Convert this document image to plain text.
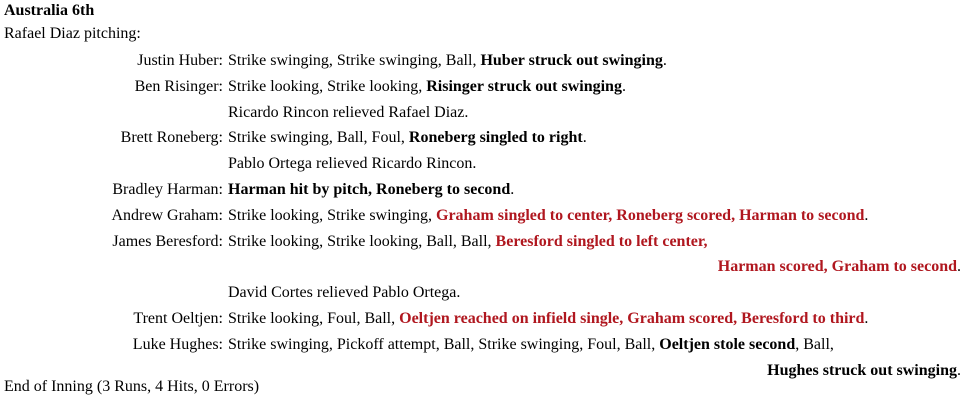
Australia 6th
Rafael Diaz pitching:
Justin Huber:		Strike swinging, Strike swinging, Ball, Huber struck out swinging.
Ben Risinger:		Strike looking, Strike looking, Risinger struck out swinging.
		Ricardo Rincon relieved Rafael Diaz.
Brett Roneberg:		Strike swinging, Ball, Foul, Roneberg singled to right.
		Pablo Ortega relieved Ricardo Rincon.
Bradley Harman:		Harman hit by pitch, Roneberg to second.
Andrew Graham:		Strike looking, Strike swinging, Graham singled to center, Roneberg scored, Harman to second.
James Beresford:		Strike looking, Strike looking, Ball, Ball, Beresford singled to left center,
Harman scored, Graham to second.

		David Cortes relieved Pablo Ortega.
Trent Oeltjen:		Strike looking, Foul, Ball, Oeltjen reached on infield single, Graham scored, Beresford to third.
Luke Hughes:		Strike swinging, Pickoff attempt, Ball, Strike swinging, Foul, Ball, Oeltjen stole second, Ball,
Hughes struck out swinging.
End of Inning (3 Runs, 4 Hits, 0 Errors)
